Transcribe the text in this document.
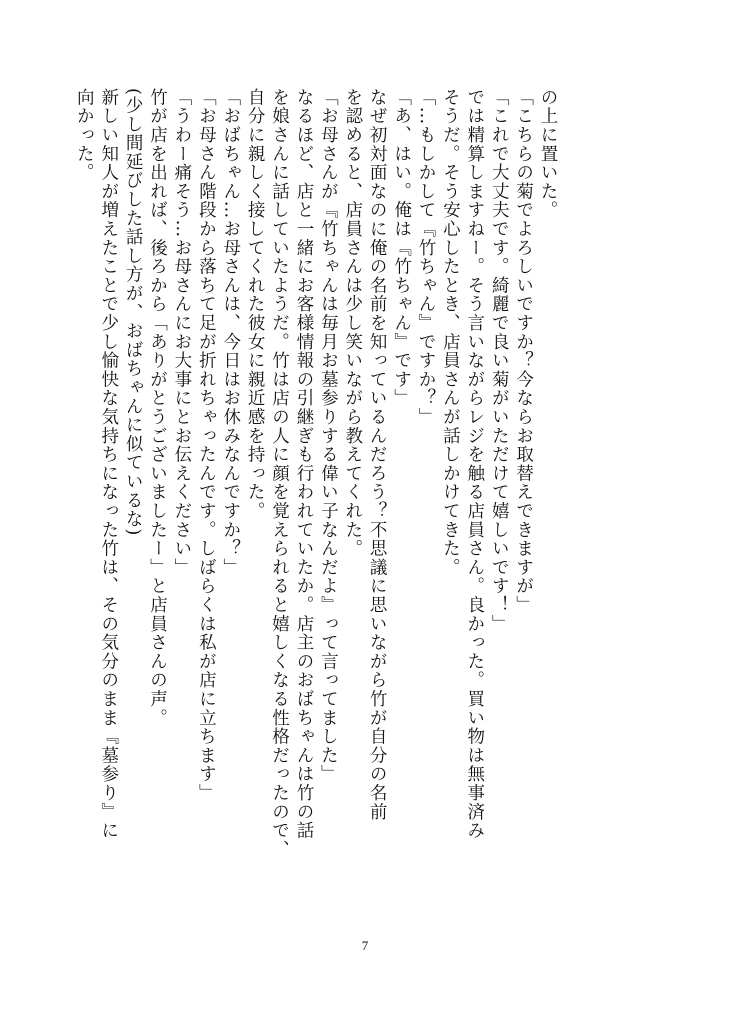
の上に置いた。
「こちらの菊でよろしいですか？今ならお取替えできますが」
「これで大丈夫です。綺麗で良い菊がいただけて嬉しいです！」
では精算しますねー。そう言いながらレジを触る店員さん。良かった。買い物は無事済み
そうだ。そう安心したとき、店員さんが話しかけてきた。
「…もしかして『竹ちゃん』ですか？」
「あ、はい。俺は『竹ちゃん』です」
なぜ初対面なのに俺の名前を知っているんだろう？不思議に思いながら竹が自分の名前
を認めると、店員さんは少し笑いながら教えてくれた。
「お母さんが『竹ちゃんは毎月お墓参りする偉い子なんだよ』って言ってました」
なるほど、店と一緒にお客様情報の引継ぎも行われていたか。店主のおばちゃんは竹の話
を娘さんに話していたようだ。竹は店の人に顔を覚えられると嬉しくなる性格だったので、
自分に親しく接してくれた彼女に親近感を持った。
「おばちゃん…お母さんは、今日はお休みなんですか？」
「お母さん階段から落ちて足が折れちゃったんです。しばらくは私が店に立ちます」
「うわー痛そう…お母さんにお大事にとお伝えください」
竹が店を出れば、後ろから「ありがとうございましたー」と店員さんの声。
(少し間延びした話し方が、おばちゃんに似ているな)
新しい知人が増えたことで少し愉快な気持ちになった竹は、その気分のまま『墓参り』に
向かった。
7
